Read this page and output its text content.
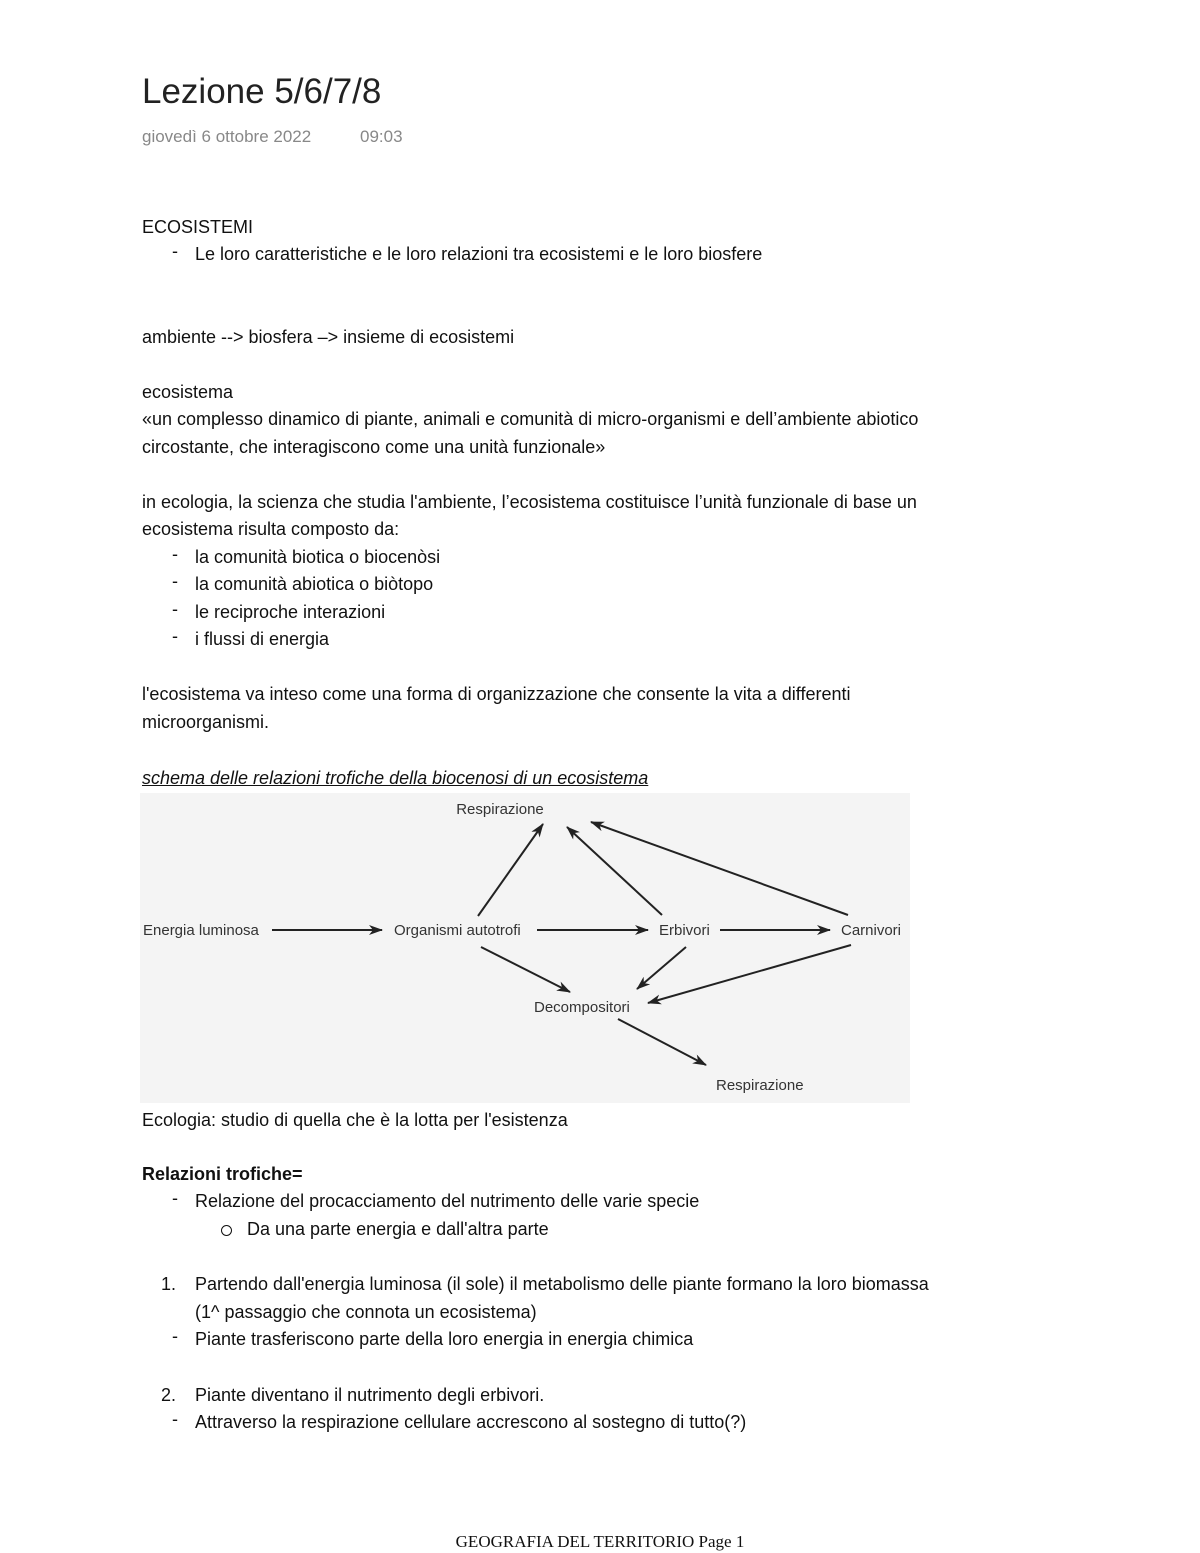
Lezione 5/6/7/8
giovedì 6 ottobre 2022	09:03
ECOSISTEMI
- Le loro caratteristiche e le loro relazioni tra ecosistemi e le loro biosfere
ambiente --> biosfera –> insieme di ecosistemi
ecosistema
«un complesso dinamico di piante, animali e comunità di micro-organismi e dell’ambiente abiotico
circostante, che interagiscono come una unità funzionale»
in ecologia, la scienza che studia l'ambiente, l’ecosistema costituisce l’unità funzionale di base un
ecosistema risulta composto da:
- la comunità biotica o biocenòsi
- la comunità abiotica o biòtopo
- le reciproche interazioni
- i flussi di energia
l'ecosistema va inteso come una forma di organizzazione che consente la vita a differenti
microorganismi.
schema delle relazioni trofiche della biocenosi di un ecosistema
Respirazione
Energia luminosa	Organismi autotrofi	Erbivori	Carnivori
Decompositori
Respirazione
Ecologia: studio di quella che è la lotta per l'esistenza
Relazioni trofiche=
- Relazione del procacciamento del nutrimento delle varie specie
Da una parte energia e dall'altra parte
1. Partendo dall'energia luminosa (il sole) il metabolismo delle piante formano la loro biomassa
(1^ passaggio che connota un ecosistema)
- Piante trasferiscono parte della loro energia in energia chimica
2. Piante diventano il nutrimento degli erbivori.
- Attraverso la respirazione cellulare accrescono al sostegno di tutto(?)
GEOGRAFIA DEL TERRITORIO Page 1
